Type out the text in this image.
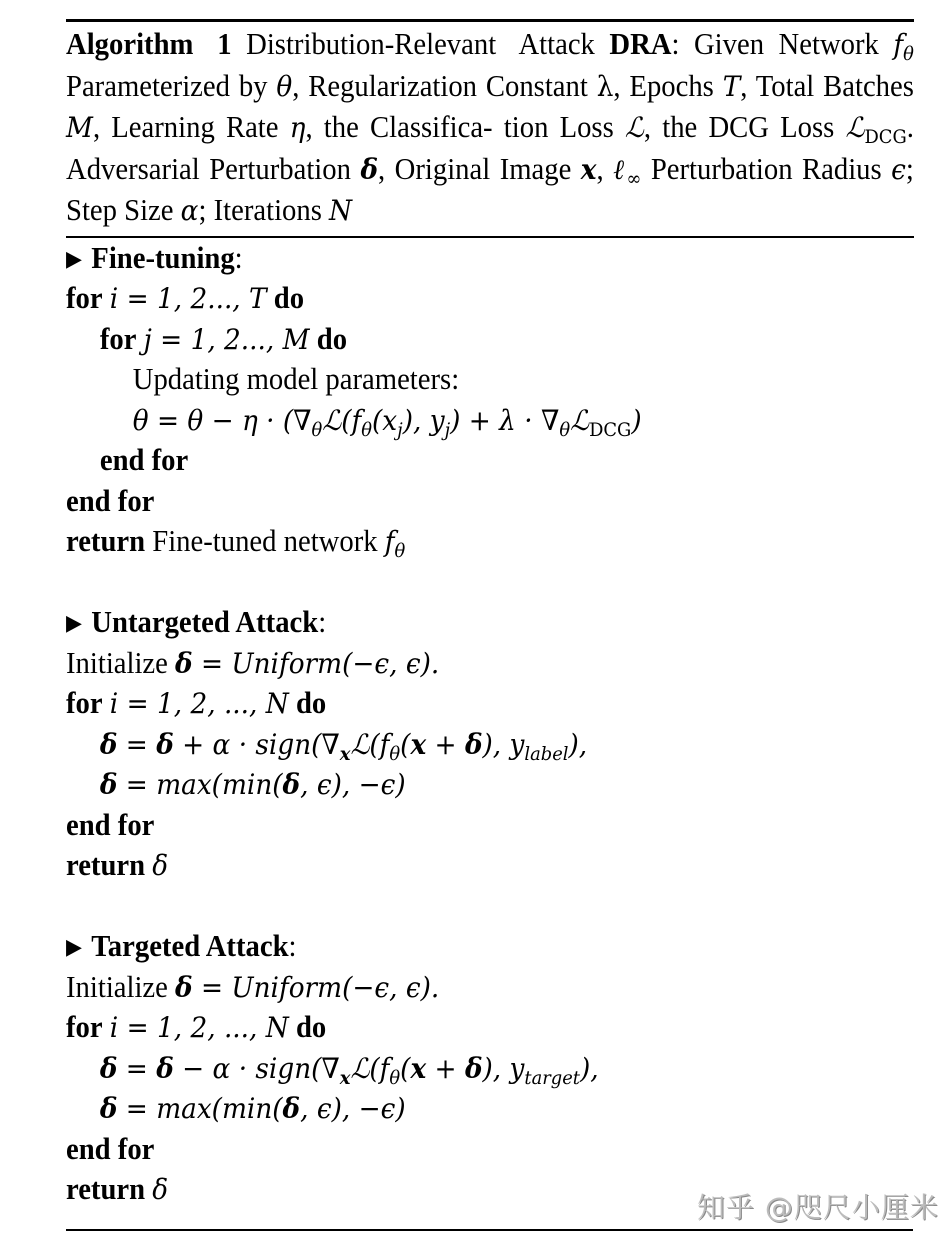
Algorithm 1 Distribution-Relevant Attack DRA: Given Network $f_\theta$ Parameterized by θ, Regularization Constant λ, Epochs T, Total Batches M, Learning Rate η, the Classifica- tion Loss ℒ, the DCG Loss ℒ$_{DCG}$. Adversarial Perturbation δ, Original Image x, ℓ$_\infty$ Perturbation Radius ϵ; Step Size α; Iterations N
▶ Fine-tuning:
for i = 1, 2..., T do
for j = 1, 2..., M do
Updating model parameters:
$\theta = \theta - \eta \cdot (\nabla_\theta ℒ(f_\theta(x_j)$, $y_j) + \lambda$ · $\nabla_\theta ℒ_{DCG}$)
end for
end for
return Fine-tuned network $f_\theta$
▶ Untargeted Attack:
Initialize δ = Uniform(−ϵ, ϵ).
for i = 1, 2, ..., N do
$\delta = \delta + \alpha \cdot sign(\nabla_xℒ(f_\theta(x + \delta)$, $y_{label}$),
δ = max(min(δ, ϵ), −ϵ)
end for
return δ
▶ Targeted Attack:
Initialize δ = Uniform(−ϵ, ϵ).
for i = 1, 2, ..., N do
$\delta = \delta - \alpha \cdot sign(\nabla_xℒ(f_\theta(x + \delta)$, $y_{target}$),
δ = max(min(δ, ϵ), −ϵ)
end for
return δ
知乎 @咫尺小厘米
